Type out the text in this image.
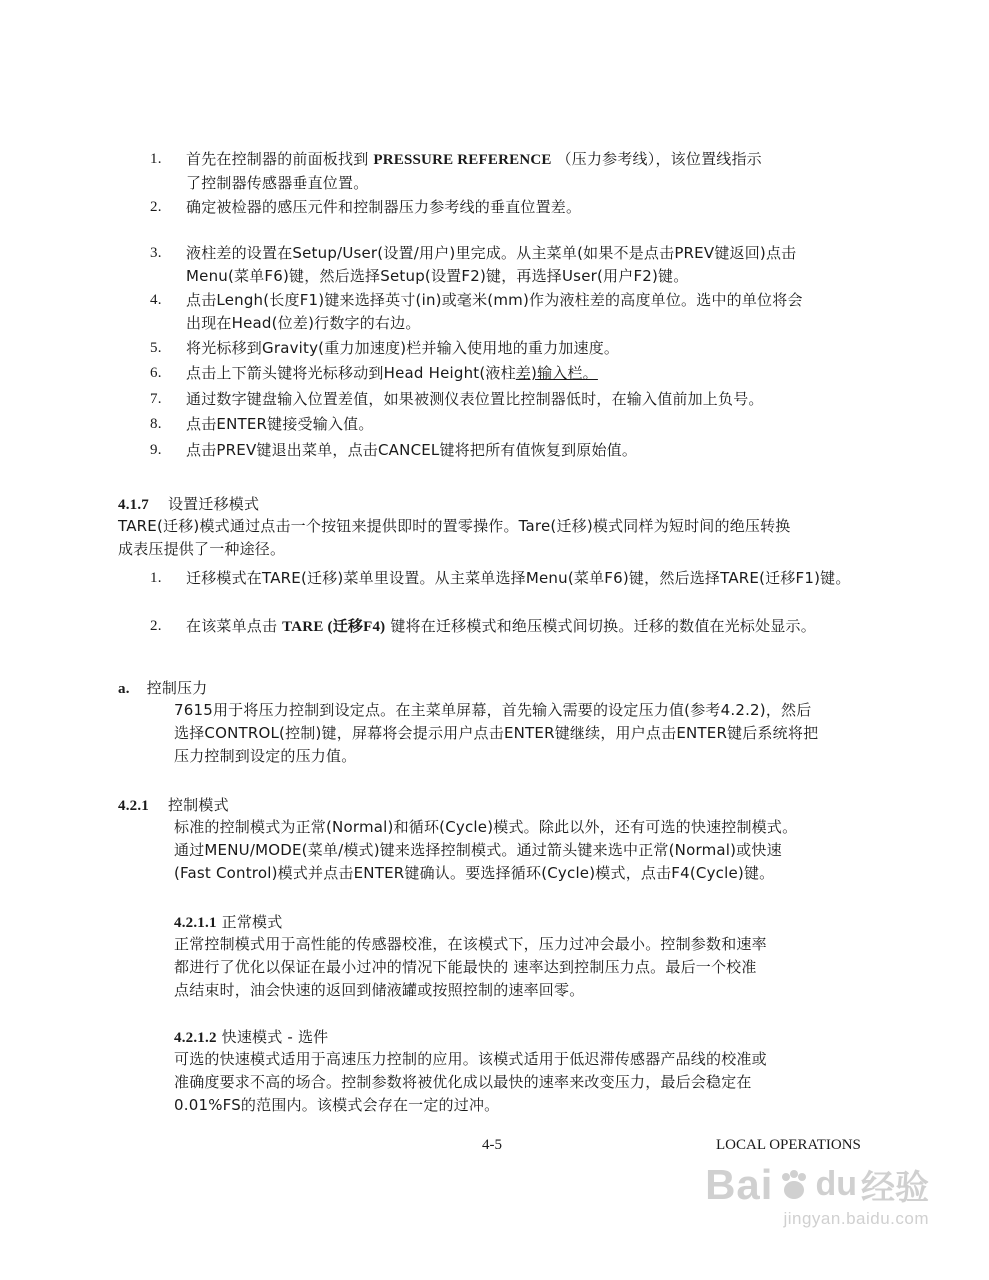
1. 首先在控制器的前面板找到 PRESSURE REFERENCE （压力参考线），该位置线指示
了控制器传感器垂直位置。
2. 确定被检器的感压元件和控制器压力参考线的垂直位置差。
3. 液柱差的设置在Setup/User(设置/用户)里完成。从主菜单(如果不是点击PREV键返回)点击
Menu(菜单F6)键，然后选择Setup(设置F2)键，再选择User(用户F2)键。
4. 点击Lengh(长度F1)键来选择英寸(in)或毫米(mm)作为液柱差的高度单位。选中的单位将会
出现在Head(位差)行数字的右边。
5. 将光标移到Gravity(重力加速度)栏并输入使用地的重力加速度。
6. 点击上下箭头键将光标移动到Head Height(液柱差)输入栏。
7. 通过数字键盘输入位置差值，如果被测仪表位置比控制器低时，在输入值前加上负号。
8. 点击ENTER键接受输入值。
9. 点击PREV键退出菜单，点击CANCEL键将把所有值恢复到原始值。
4.1.7 设置迁移模式
TARE(迁移)模式通过点击一个按钮来提供即时的置零操作。Tare(迁移)模式同样为短时间的绝压转换
成表压提供了一种途径。
1. 迁移模式在TARE(迁移)菜单里设置。从主菜单选择Menu(菜单F6)键，然后选择TARE(迁移F1)键。
2. 在该菜单点击 TARE (迁移F4) 键将在迁移模式和绝压模式间切换。迁移的数值在光标处显示。
a. 控制压力
7615用于将压力控制到设定点。在主菜单屏幕，首先输入需要的设定压力值(参考4.2.2)，然后
选择CONTROL(控制)键，屏幕将会提示用户点击ENTER键继续，用户点击ENTER键后系统将把
压力控制到设定的压力值。
4.2.1 控制模式
标准的控制模式为正常(Normal)和循环(Cycle)模式。除此以外，还有可选的快速控制模式。
通过MENU/MODE(菜单/模式)键来选择控制模式。通过箭头键来选中正常(Normal)或快速
(Fast Control)模式并点击ENTER键确认。要选择循环(Cycle)模式，点击F4(Cycle)键。
4.2.1.1 正常模式
正常控制模式用于高性能的传感器校准，在该模式下，压力过冲会最小。控制参数和速率
都进行了优化以保证在最小过冲的情况下能最快的 速率达到控制压力点。最后一个校准
点结束时，油会快速的返回到储液罐或按照控制的速率回零。
4.2.1.2 快速模式 - 选件
可选的快速模式适用于高速压力控制的应用。该模式适用于低迟滞传感器产品线的校准或
准确度要求不高的场合。控制参数将被优化成以最快的速率来改变压力，最后会稳定在
0.01%FS的范围内。该模式会存在一定的过冲。
4-5	LOCAL OPERATIONS
Bai du 经验
jingyan.baidu.com
